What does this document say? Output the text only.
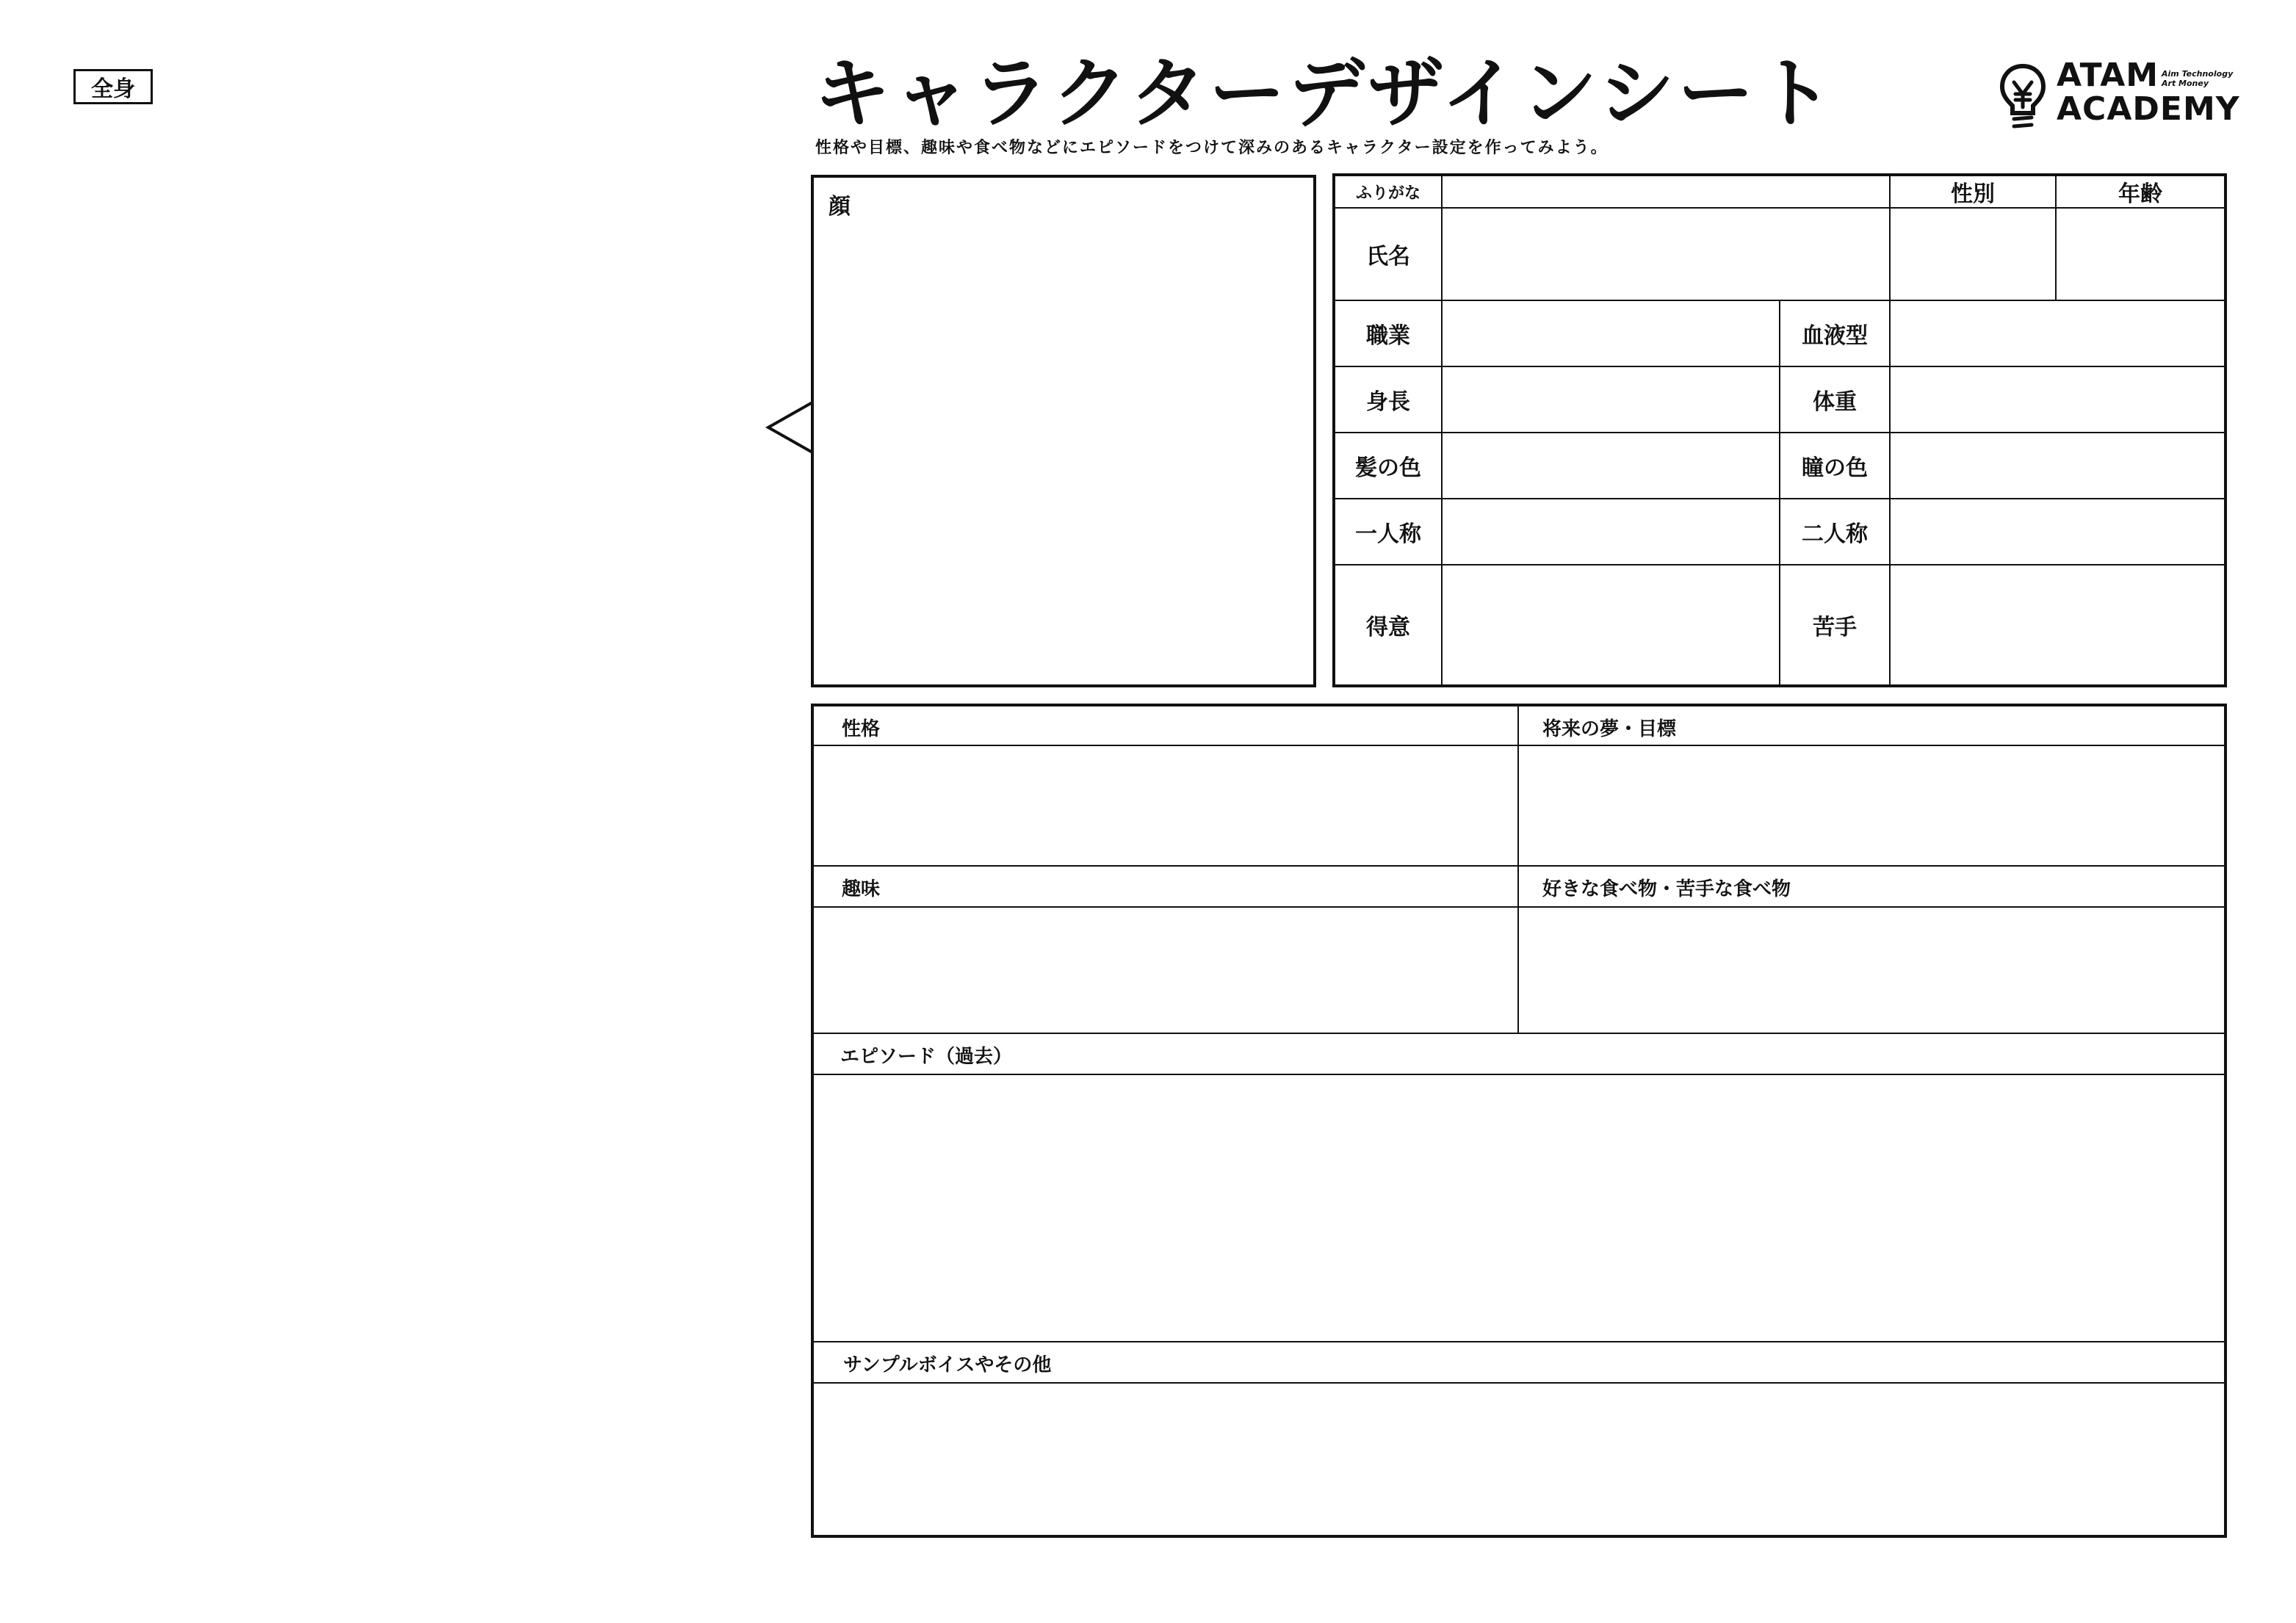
全身	キャラクターデザインシート
性格や目標、趣味や食べ物などにエピソードをつけて深みのあるキャラクター設定を作ってみよう。
ATAM
ACADEMY
Aim Technology
Art Money
顔
ふりがな	性別	年齢
氏名
職業	血液型
身長	体重
髪の色	瞳の色
一人称	二人称
得意	苦手
性格	将来の夢・目標
趣味	好きな食べ物・苦手な食べ物
エピソード（過去）
サンプルボイスやその他
